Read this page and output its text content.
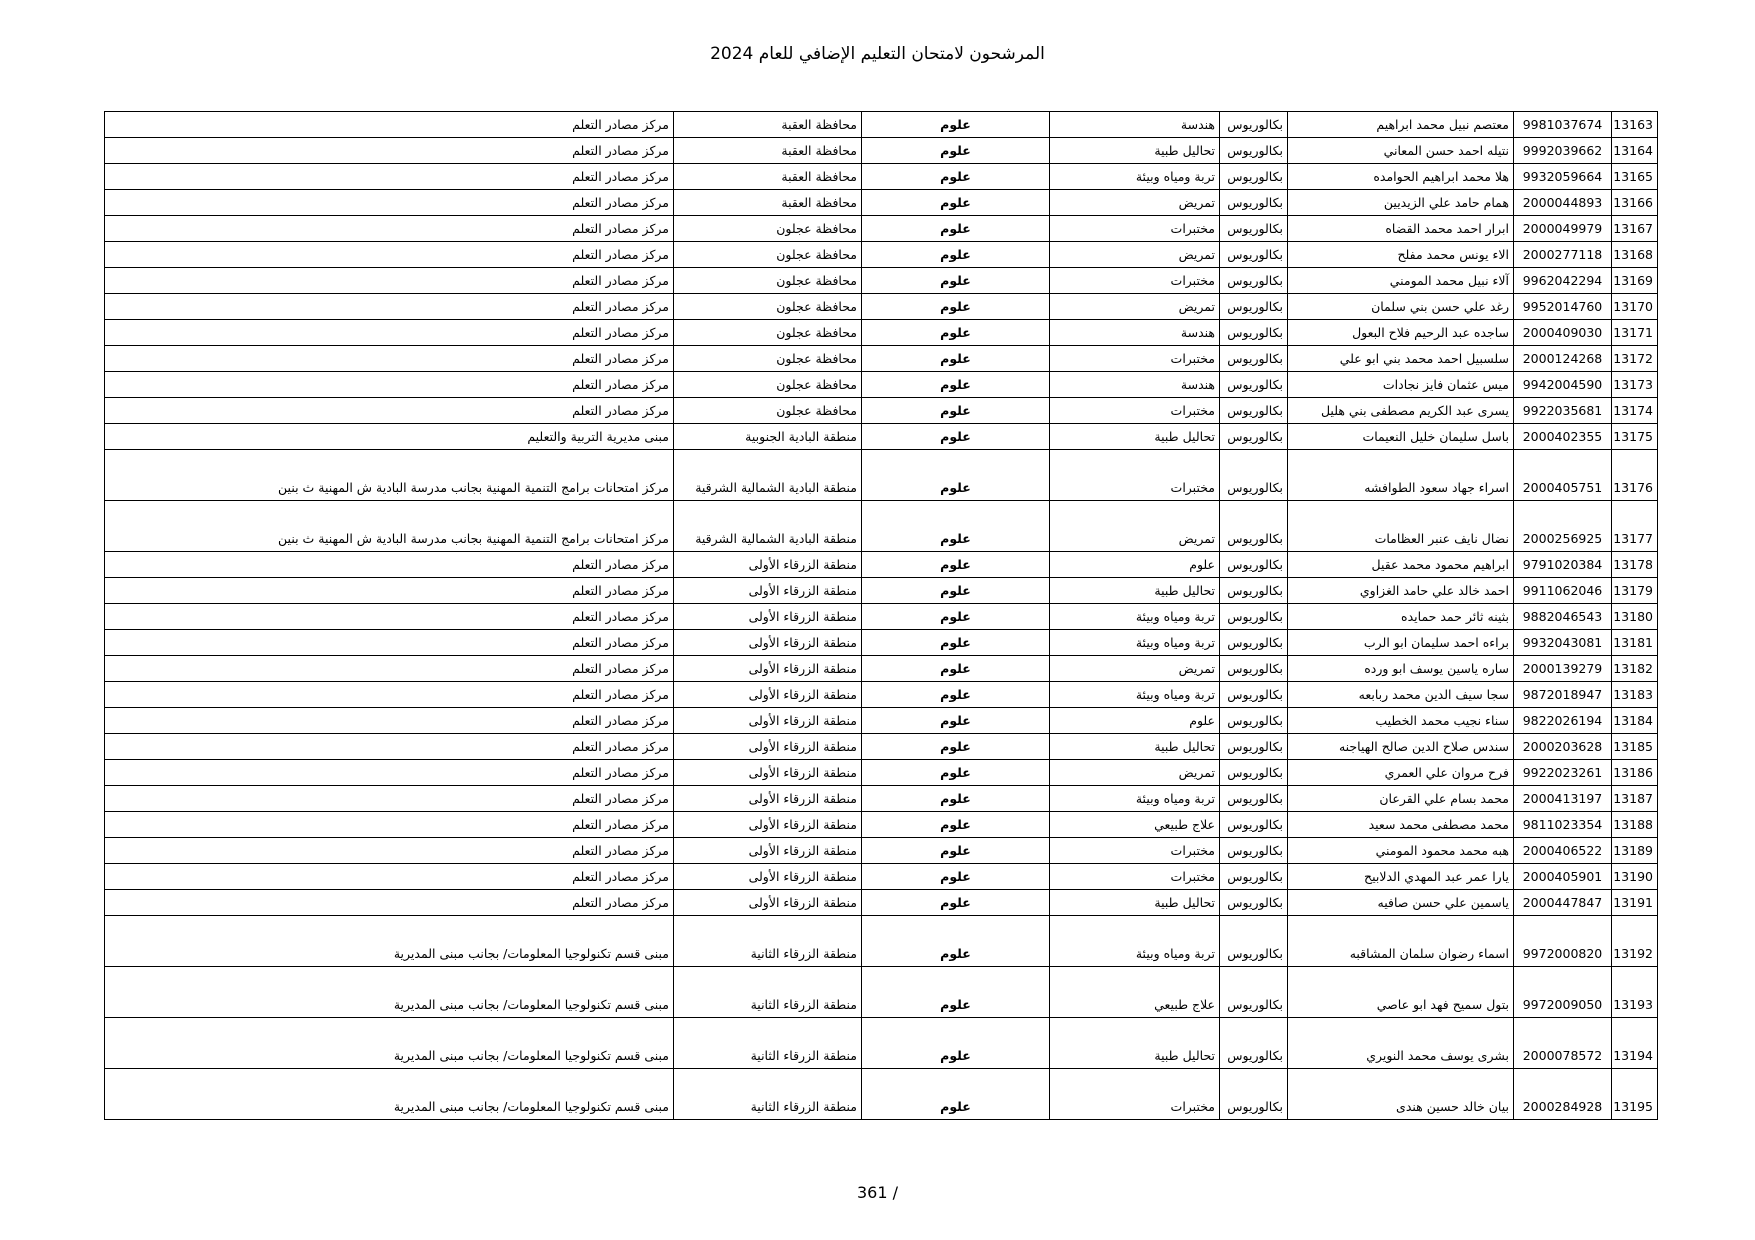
المرشحون لامتحان التعليم الإضافي للعام 2024
13163	9981037674	معتصم نبيل محمد ابراهيم	بكالوريوس	هندسة	علوم	محافظة العقبة	مركز مصادر التعلم
13164	9992039662	نتيله احمد حسن المعاني	بكالوريوس	تحاليل طبية	علوم	محافظة العقبة	مركز مصادر التعلم
13165	9932059664	هلا محمد ابراهيم الحوامده	بكالوريوس	تربة ومياه وبيئة	علوم	محافظة العقبة	مركز مصادر التعلم
13166	2000044893	همام حامد علي الزيديين	بكالوريوس	تمريض	علوم	محافظة العقبة	مركز مصادر التعلم
13167	2000049979	ابرار احمد محمد القضاه	بكالوريوس	مختبرات	علوم	محافظة عجلون	مركز مصادر التعلم
13168	2000277118	الاء يونس محمد مفلح	بكالوريوس	تمريض	علوم	محافظة عجلون	مركز مصادر التعلم
13169	9962042294	آلاء نبيل محمد المومني	بكالوريوس	مختبرات	علوم	محافظة عجلون	مركز مصادر التعلم
13170	9952014760	رغد علي حسن بني سلمان	بكالوريوس	تمريض	علوم	محافظة عجلون	مركز مصادر التعلم
13171	2000409030	ساجده عبد الرحيم فلاح البعول	بكالوريوس	هندسة	علوم	محافظة عجلون	مركز مصادر التعلم
13172	2000124268	سلسبيل احمد محمد بني ابو علي	بكالوريوس	مختبرات	علوم	محافظة عجلون	مركز مصادر التعلم
13173	9942004590	ميس عثمان فايز نجادات	بكالوريوس	هندسة	علوم	محافظة عجلون	مركز مصادر التعلم
13174	9922035681	يسرى عبد الكريم مصطفى بني هليل	بكالوريوس	مختبرات	علوم	محافظة عجلون	مركز مصادر التعلم
13175	2000402355	باسل سليمان خليل النعيمات	بكالوريوس	تحاليل طبية	علوم	منطقة البادية الجنوبية	مبنى مديرية التربية والتعليم
13176	2000405751	اسراء جهاد سعود الطوافشه	بكالوريوس	مختبرات	علوم	منطقة البادية الشمالية الشرقية	مركز امتحانات برامج التنمية المهنية بجانب مدرسة البادية ش المهنية ث بنين
13177	2000256925	نضال نايف عنبر العظامات	بكالوريوس	تمريض	علوم	منطقة البادية الشمالية الشرقية	مركز امتحانات برامج التنمية المهنية بجانب مدرسة البادية ش المهنية ث بنين
13178	9791020384	ابراهيم محمود محمد عقيل	بكالوريوس	علوم	علوم	منطقة الزرقاء الأولى	مركز مصادر التعلم
13179	9911062046	احمد خالد علي حامد الغزاوي	بكالوريوس	تحاليل طبية	علوم	منطقة الزرقاء الأولى	مركز مصادر التعلم
13180	9882046543	بثينه ثائر حمد حمايده	بكالوريوس	تربة ومياه وبيئة	علوم	منطقة الزرقاء الأولى	مركز مصادر التعلم
13181	9932043081	براءه احمد سليمان ابو الرب	بكالوريوس	تربة ومياه وبيئة	علوم	منطقة الزرقاء الأولى	مركز مصادر التعلم
13182	2000139279	ساره ياسين يوسف ابو ورده	بكالوريوس	تمريض	علوم	منطقة الزرقاء الأولى	مركز مصادر التعلم
13183	9872018947	سجا سيف الدين محمد ربابعه	بكالوريوس	تربة ومياه وبيئة	علوم	منطقة الزرقاء الأولى	مركز مصادر التعلم
13184	9822026194	سناء نجيب محمد الخطيب	بكالوريوس	علوم	علوم	منطقة الزرقاء الأولى	مركز مصادر التعلم
13185	2000203628	سندس صلاح الدين صالح الهياجنه	بكالوريوس	تحاليل طبية	علوم	منطقة الزرقاء الأولى	مركز مصادر التعلم
13186	9922023261	فرح مروان علي العمري	بكالوريوس	تمريض	علوم	منطقة الزرقاء الأولى	مركز مصادر التعلم
13187	2000413197	محمد بسام علي القرعان	بكالوريوس	تربة ومياه وبيئة	علوم	منطقة الزرقاء الأولى	مركز مصادر التعلم
13188	9811023354	محمد مصطفى محمد سعيد	بكالوريوس	علاج طبيعي	علوم	منطقة الزرقاء الأولى	مركز مصادر التعلم
13189	2000406522	هبه محمد محمود المومني	بكالوريوس	مختبرات	علوم	منطقة الزرقاء الأولى	مركز مصادر التعلم
13190	2000405901	يارا عمر عبد المهدي الدلابيح	بكالوريوس	مختبرات	علوم	منطقة الزرقاء الأولى	مركز مصادر التعلم
13191	2000447847	ياسمين علي حسن صافيه	بكالوريوس	تحاليل طبية	علوم	منطقة الزرقاء الأولى	مركز مصادر التعلم
13192	9972000820	اسماء رضوان سلمان المشاقبه	بكالوريوس	تربة ومياه وبيئة	علوم	منطقة الزرقاء الثانية	مبنى قسم تكنولوجيا المعلومات/ بجانب مبنى المديرية
13193	9972009050	بتول سميح فهد ابو عاصي	بكالوريوس	علاج طبيعي	علوم	منطقة الزرقاء الثانية	مبنى قسم تكنولوجيا المعلومات/ بجانب مبنى المديرية
13194	2000078572	بشرى يوسف محمد النويري	بكالوريوس	تحاليل طبية	علوم	منطقة الزرقاء الثانية	مبنى قسم تكنولوجيا المعلومات/ بجانب مبنى المديرية
13195	2000284928	بيان خالد حسين هندى	بكالوريوس	مختبرات	علوم	منطقة الزرقاء الثانية	مبنى قسم تكنولوجيا المعلومات/ بجانب مبنى المديرية
361 /
